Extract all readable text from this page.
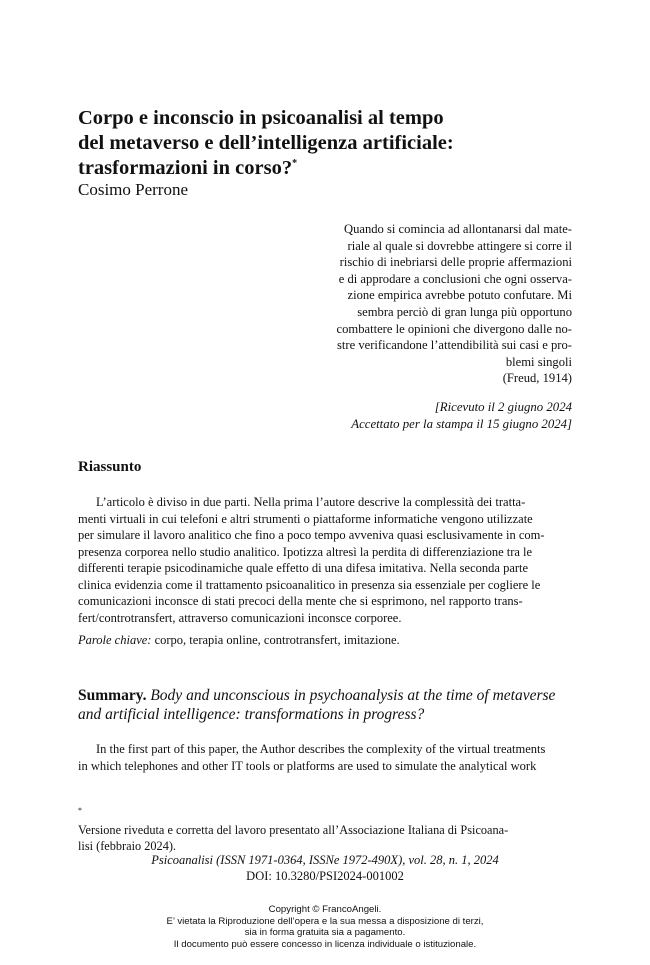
Corpo e inconscio in psicoanalisi al tempo
del metaverso e dell’intelligenza artificiale:
trasformazioni in corso?*
Cosimo Perrone
Quando si comincia ad allontanarsi dal mate-
riale al quale si dovrebbe attingere si corre il
rischio di inebriarsi delle proprie affermazioni
e di approdare a conclusioni che ogni osserva-
zione empirica avrebbe potuto confutare. Mi
sembra perciò di gran lunga più opportuno
combattere le opinioni che divergono dalle no-
stre verificandone l’attendibilità sui casi e pro-
blemi singoli
(Freud, 1914)
[Ricevuto il 2 giugno 2024
Accettato per la stampa il 15 giugno 2024]
Riassunto
L’articolo è diviso in due parti. Nella prima l’autore descrive la complessità dei tratta-
menti virtuali in cui telefoni e altri strumenti o piattaforme informatiche vengono utilizzate
per simulare il lavoro analitico che fino a poco tempo avveniva quasi esclusivamente in com-
presenza corporea nello studio analitico. Ipotizza altresì la perdita di differenziazione tra le
differenti terapie psicodinamiche quale effetto di una difesa imitativa. Nella seconda parte
clinica evidenzia come il trattamento psicoanalitico in presenza sia essenziale per cogliere le
comunicazioni inconsce di stati precoci della mente che si esprimono, nel rapporto trans-
fert/controtransfert, attraverso comunicazioni inconsce corporee.
Parole chiave: corpo, terapia online, controtransfert, imitazione.
Summary. Body and unconscious in psychoanalysis at the time of metaverse
and artificial intelligence: transformations in progress?
In the first part of this paper, the Author describes the complexity of the virtual treatments
in which telephones and other IT tools or platforms are used to simulate the analytical work
*
Versione riveduta e corretta del lavoro presentato all’Associazione Italiana di Psicoana-
lisi (febbraio 2024).
Psicoanalisi (ISSN 1971-0364, ISSNe 1972-490X), vol. 28, n. 1, 2024
DOI: 10.3280/PSI2024-001002
Copyright © FrancoAngeli.
E’ vietata la Riproduzione dell’opera e la sua messa a disposizione di terzi,
sia in forma gratuita sia a pagamento.
Il documento può essere concesso in licenza individuale o istituzionale.
